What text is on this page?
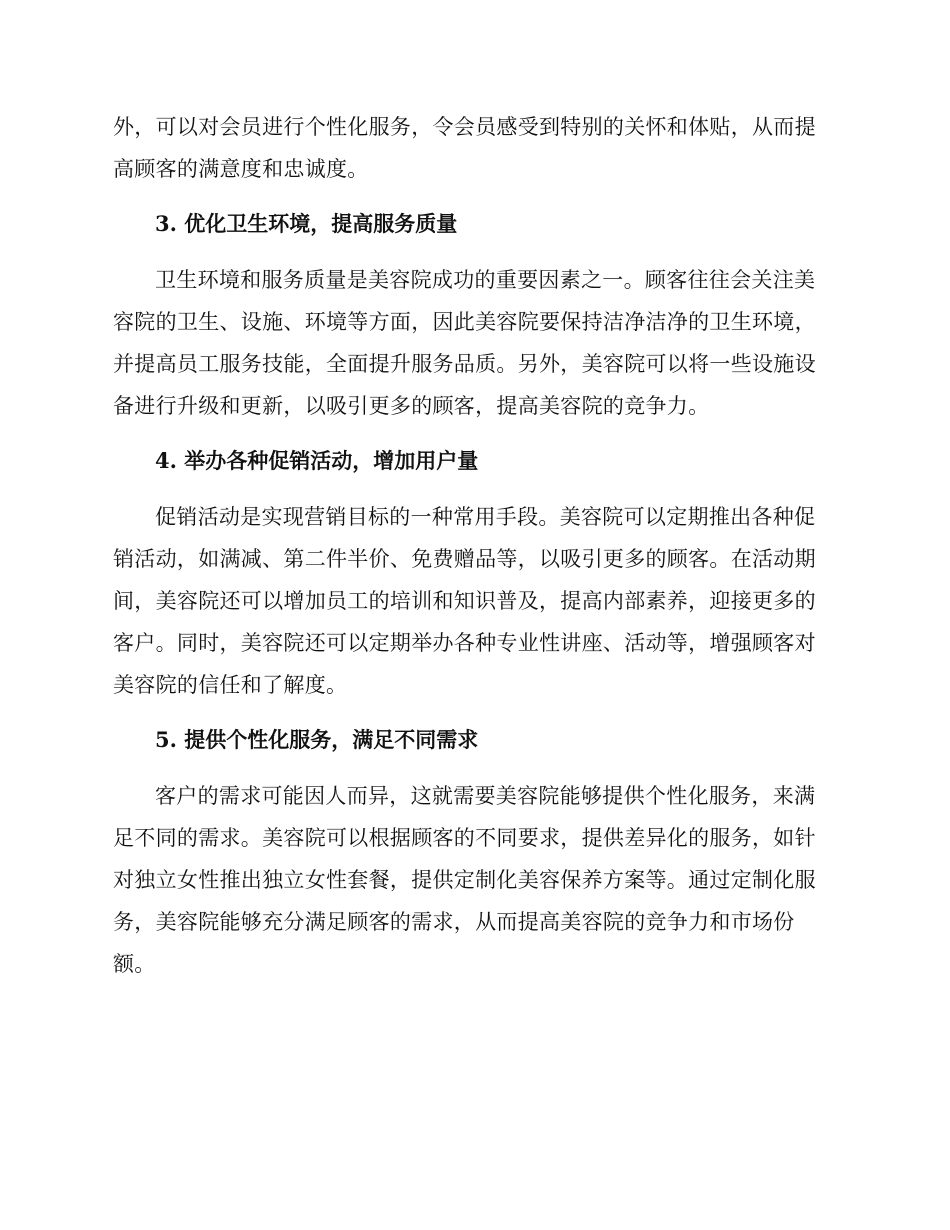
外，可以对会员进行个性化服务，令会员感受到特别的关怀和体贴，从而提
高顾客的满意度和忠诚度。
3. 优化卫生环境，提高服务质量
卫生环境和服务质量是美容院成功的重要因素之一。顾客往往会关注美
容院的卫生、设施、环境等方面，因此美容院要保持洁净洁净的卫生环境，
并提高员工服务技能，全面提升服务品质。另外，美容院可以将一些设施设
备进行升级和更新，以吸引更多的顾客，提高美容院的竞争力。
4. 举办各种促销活动，增加用户量
促销活动是实现营销目标的一种常用手段。美容院可以定期推出各种促
销活动，如满减、第二件半价、免费赠品等，以吸引更多的顾客。在活动期
间，美容院还可以增加员工的培训和知识普及，提高内部素养，迎接更多的
客户。同时，美容院还可以定期举办各种专业性讲座、活动等，增强顾客对
美容院的信任和了解度。
5. 提供个性化服务，满足不同需求
客户的需求可能因人而异，这就需要美容院能够提供个性化服务，来满
足不同的需求。美容院可以根据顾客的不同要求，提供差异化的服务，如针
对独立女性推出独立女性套餐，提供定制化美容保养方案等。通过定制化服
务，美容院能够充分满足顾客的需求，从而提高美容院的竞争力和市场份
额。
